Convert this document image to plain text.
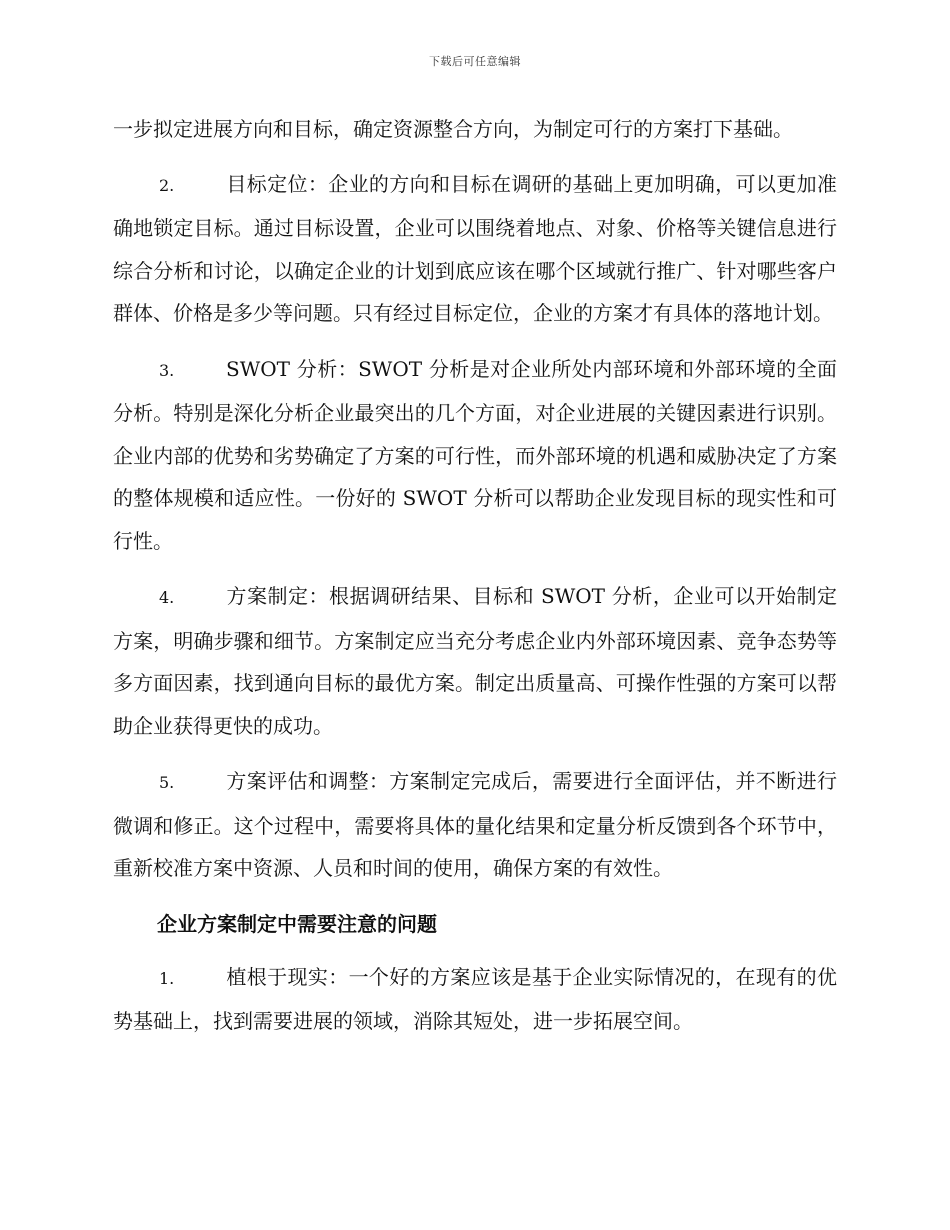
下载后可任意编辑

一步拟定进展方向和目标，确定资源整合方向，为制定可行的方案打下基础。

2.	目标定位：企业的方向和目标在调研的基础上更加明确，可以更加准确地锁定目标。通过目标设置，企业可以围绕着地点、对象、价格等关键信息进行综合分析和讨论，以确定企业的计划到底应该在哪个区域就行推广、针对哪些客户群体、价格是多少等问题。只有经过目标定位，企业的方案才有具体的落地计划。

3.	SWOT 分析：SWOT 分析是对企业所处内部环境和外部环境的全面分析。特别是深化分析企业最突出的几个方面，对企业进展的关键因素进行识别。企业内部的优势和劣势确定了方案的可行性，而外部环境的机遇和威胁决定了方案的整体规模和适应性。一份好的 SWOT 分析可以帮助企业发现目标的现实性和可行性。

4.	方案制定：根据调研结果、目标和 SWOT 分析，企业可以开始制定方案，明确步骤和细节。方案制定应当充分考虑企业内外部环境因素、竞争态势等多方面因素，找到通向目标的最优方案。制定出质量高、可操作性强的方案可以帮助企业获得更快的成功。

5.	方案评估和调整：方案制定完成后，需要进行全面评估，并不断进行微调和修正。这个过程中，需要将具体的量化结果和定量分析反馈到各个环节中，重新校准方案中资源、人员和时间的使用，确保方案的有效性。

企业方案制定中需要注意的问题

1.	植根于现实：一个好的方案应该是基于企业实际情况的，在现有的优势基础上，找到需要进展的领域，消除其短处，进一步拓展空间。
